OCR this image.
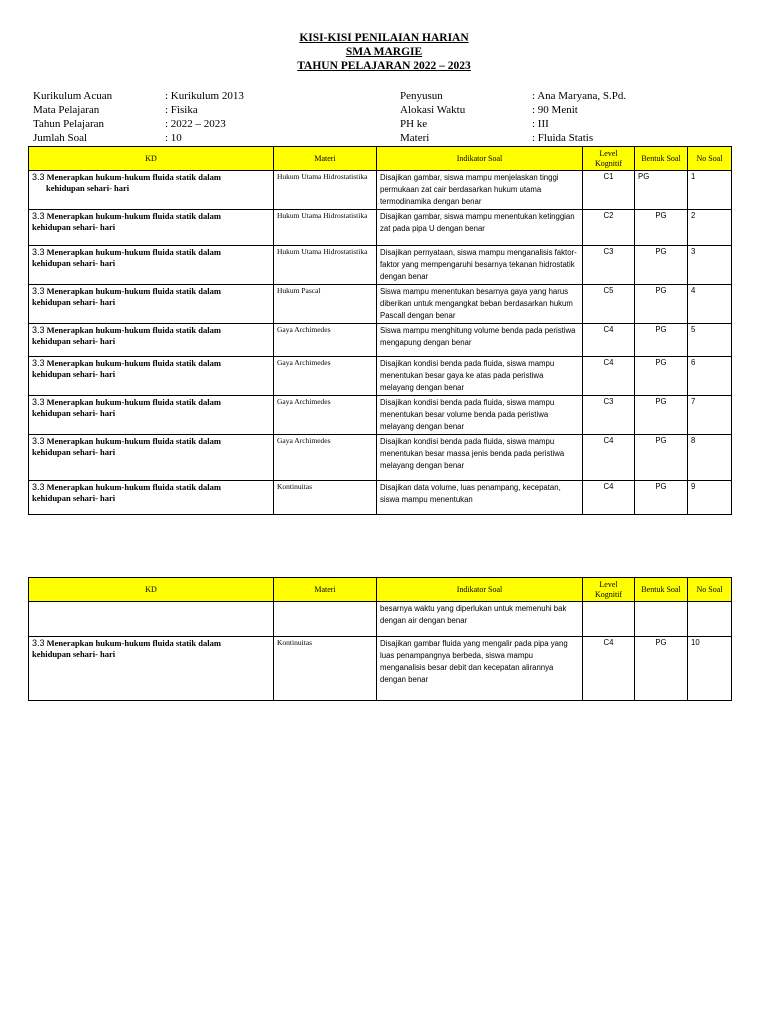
KISI-KISI PENILAIAN HARIAN
SMA MARGIE
TAHUN PELAJARAN 2022 – 2023
Kurikulum Acuan	: Kurikulum 2013
Mata Pelajaran	: Fisika
Tahun Pelajaran	: 2022 – 2023
Jumlah Soal	: 10
Penyusun	: Ana Maryana, S.Pd.
Alokasi Waktu	: 90 Menit
PH ke	: III
Materi	: Fluida Statis
KD	Materi	Indikator Soal	Level Kognitif	Bentuk Soal	No Soal
3.3 Menerapkan hukum-hukum fluida statik dalam
kehidupan sehari- hari	Hukum Utama Hidrostatistika	Disajikan gambar, siswa mampu menjelaskan tinggi permukaan zat cair berdasarkan hukum utama termodinamika dengan benar	C1	PG	1
3.3 Menerapkan hukum-hukum fluida statik dalam
kehidupan sehari- hari	Hukum Utama Hidrostatistika	Disajikan gambar, siswa mampu menentukan ketinggian zat pada pipa U dengan benar	C2	PG	2
3.3 Menerapkan hukum-hukum fluida statik dalam
kehidupan sehari- hari	Hukum Utama Hidrostatistika	Disajikan pernyataan, siswa mampu menganalisis faktor-faktor yang mempengaruhi besarnya tekanan hidrostatik dengan benar	C3	PG	3
3.3 Menerapkan hukum-hukum fluida statik dalam
kehidupan sehari- hari	Hukum Pascal	Siswa mampu menentukan besarnya gaya yang harus diberikan untuk mengangkat beban berdasarkan hukum Pascall dengan benar	C5	PG	4
3.3 Menerapkan hukum-hukum fluida statik dalam
kehidupan sehari- hari	Gaya Archimedes	Siswa mampu menghitung volume benda pada peristiwa mengapung dengan benar	C4	PG	5
3.3 Menerapkan hukum-hukum fluida statik dalam
kehidupan sehari- hari	Gaya Archimedes	Disajikan kondisi benda pada fluida, siswa mampu menentukan besar gaya ke atas pada peristiwa melayang dengan benar	C4	PG	6
3.3 Menerapkan hukum-hukum fluida statik dalam
kehidupan sehari- hari	Gaya Archimedes	Disajikan kondisi benda pada fluida, siswa mampu menentukan besar volume benda pada peristiwa melayang dengan benar	C3	PG	7
3.3 Menerapkan hukum-hukum fluida statik dalam
kehidupan sehari- hari	Gaya Archimedes	Disajikan kondisi benda pada fluida, siswa mampu menentukan besar massa jenis benda pada peristiwa melayang dengan benar	C4	PG	8
3.3 Menerapkan hukum-hukum fluida statik dalam
kehidupan sehari- hari	Kontinuitas	Disajikan data volume, luas penampang, kecepatan, siswa mampu menentukan	C4	PG	9
KD	Materi	Indikator Soal	Level Kognitif	Bentuk Soal	No Soal

		besarnya waktu yang diperlukan untuk memenuhi bak dengan air dengan benar			
3.3 Menerapkan hukum-hukum fluida statik dalam
kehidupan sehari- hari	Kontinuitas	Disajikan gambar fluida yang mengalir pada pipa yang luas penampangnya berbeda, siswa mampu menganalisis besar debit dan kecepatan alirannya dengan benar	C4	PG	10
